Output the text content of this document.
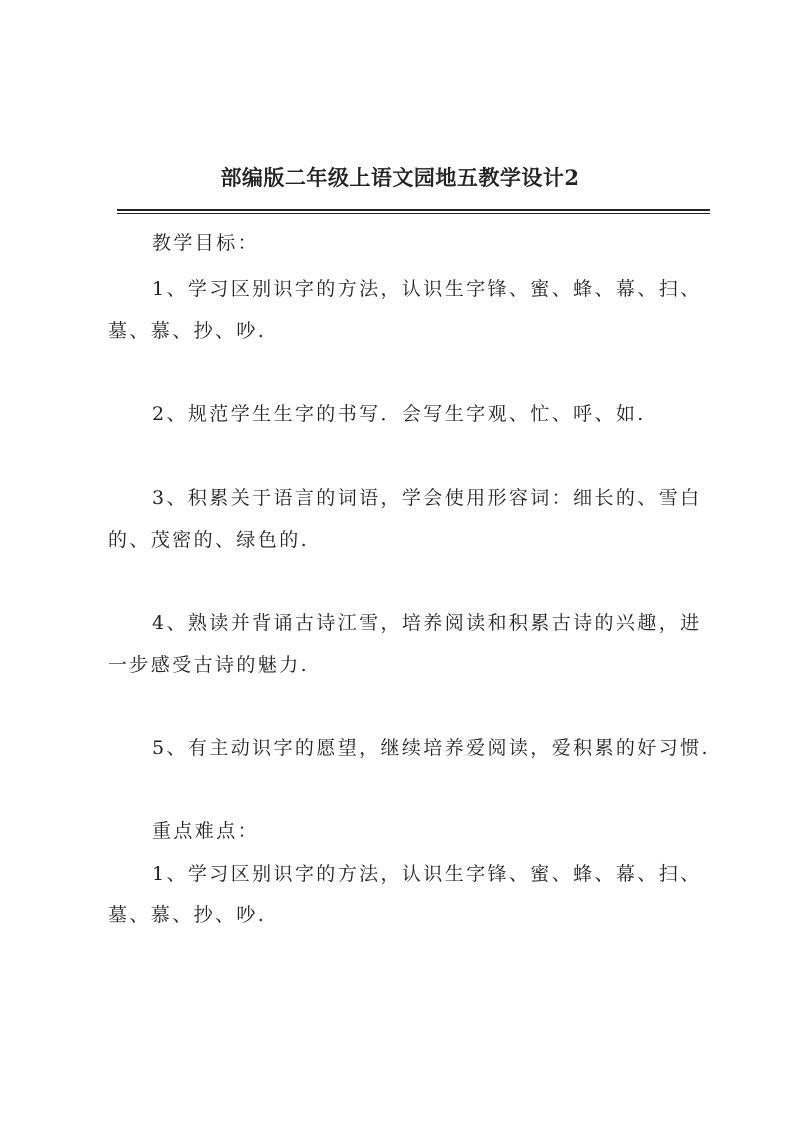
部编版二年级上语文园地五教学设计2
教学目标：
1、学习区别识字的方法，认识生字锋、蜜、蜂、幕、扫、
墓、慕、抄、吵.
2、规范学生生字的书写．会写生字观、忙、呼、如.
3、积累关于语言的词语，学会使用形容词：细长的、雪白
的、茂密的、绿色的.
4、熟读并背诵古诗江雪，培养阅读和积累古诗的兴趣，进
一步感受古诗的魅力.
5、有主动识字的愿望，继续培养爱阅读，爱积累的好习惯.
重点难点：
1、学习区别识字的方法，认识生字锋、蜜、蜂、幕、扫、
墓、慕、抄、吵.
